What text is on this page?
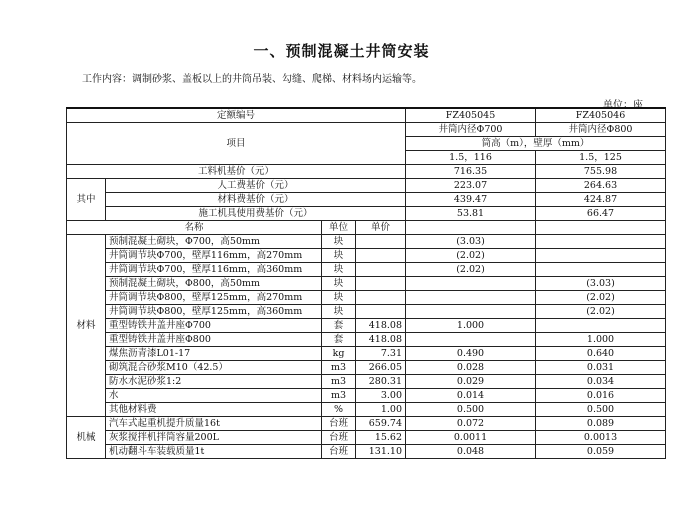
一、预制混凝土井筒安装
工作内容：调制砂浆、盖板以上的井筒吊装、勾缝、爬梯、材料场内运输等。
单位：座
定额编号				FZ405045	FZ405046
项目				井筒内径Φ700	井筒内径Φ800
				筒高（m），壁厚（mm）	
				1.5，116	1.5，125
工料机基价（元）				716.35	755.98
其中	人工费基价（元）			223.07	264.63
	材料费基价（元）			439.47	424.87
	施工机具使用费基价（元）			53.81	66.47
名称		单位	单价		
材料	预制混凝土砌块，Φ700，高50mm	块		(3.03)	
	井筒调节块Φ700，壁厚116mm，高270mm	块		(2.02)	
	井筒调节块Φ700，壁厚116mm，高360mm	块		(2.02)	
	预制混凝土砌块，Φ800，高50mm	块			(3.03)
	井筒调节块Φ800，壁厚125mm，高270mm	块			(2.02)
	井筒调节块Φ800，壁厚125mm，高360mm	块			(2.02)
	重型铸铁井盖井座Φ700	套	418.08	1.000	
	重型铸铁井盖井座Φ800	套	418.08		1.000
	煤焦沥青漆L01-17	kg	7.31	0.490	0.640
	砌筑混合砂浆M10（42.5）	m3	266.05	0.028	0.031
	防水水泥砂浆1:2	m3	280.31	0.029	0.034
	水	m3	3.00	0.014	0.016
	其他材料费	%	1.00	0.500	0.500
机械	汽车式起重机提升质量16t	台班	659.74	0.072	0.089
	灰浆搅拌机拌筒容量200L	台班	15.62	0.0011	0.0013
	机动翻斗车装载质量1t	台班	131.10	0.048	0.059
